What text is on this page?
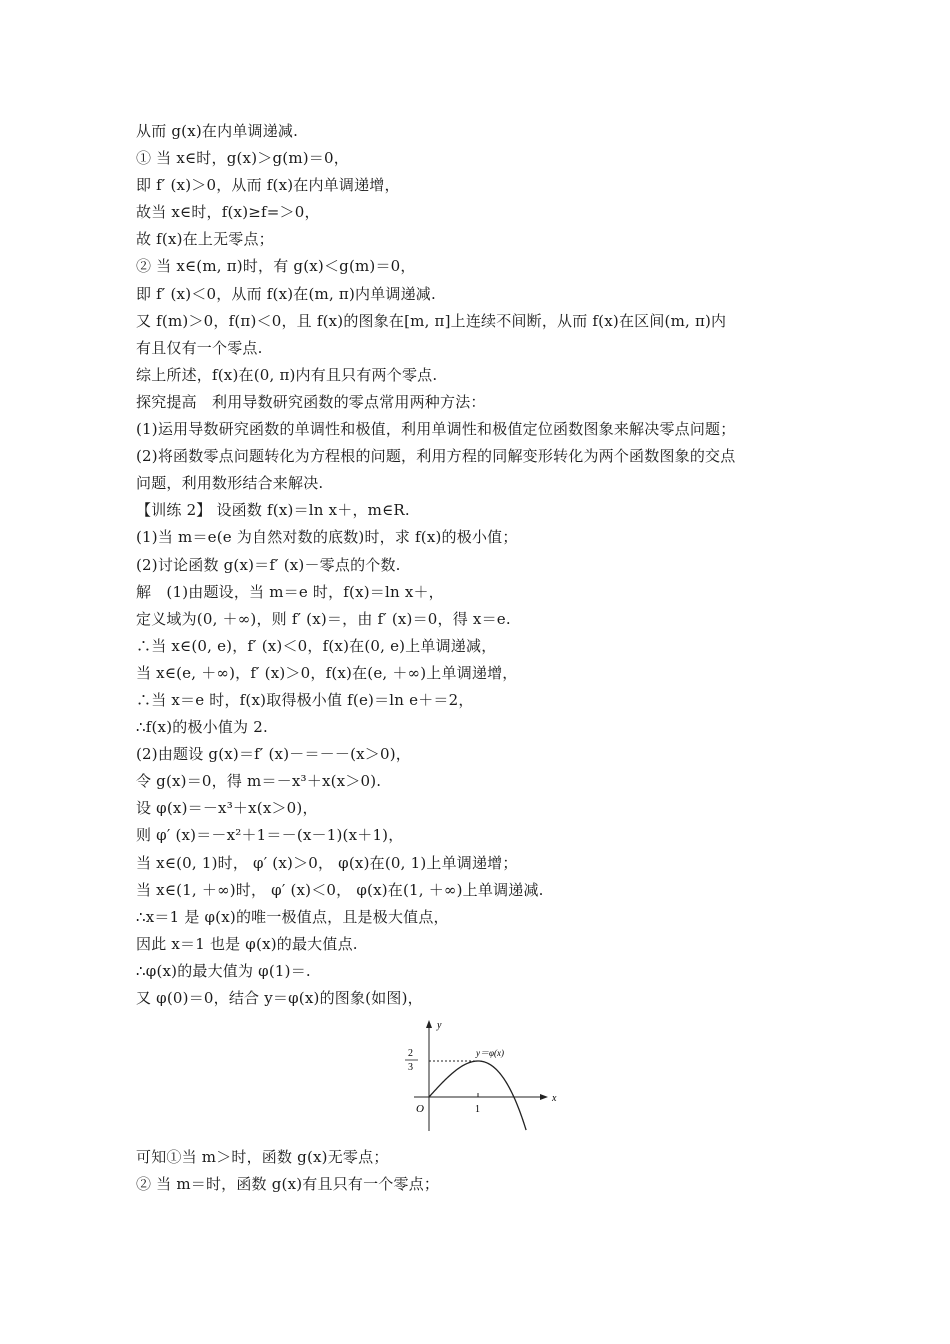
从而 g(x)在内单调递减.
① 当 x∈时，g(x)＞g(m)＝0，
即 f′ (x)＞0，从而 f(x)在内单调递增，
故当 x∈时，f(x)≥f=＞0，
故 f(x)在上无零点；
② 当 x∈(m, π)时，有 g(x)＜g(m)＝0，
即 f′ (x)＜0，从而 f(x)在(m, π)内单调递减.
又 f(m)＞0，f(π)＜0，且 f(x)的图象在[m, π]上连续不间断，从而 f(x)在区间(m, π)内
有且仅有一个零点.
综上所述，f(x)在(0, π)内有且只有两个零点.
探究提高　利用导数研究函数的零点常用两种方法：
(1)运用导数研究函数的单调性和极值，利用单调性和极值定位函数图象来解决零点问题；
(2)将函数零点问题转化为方程根的问题，利用方程的同解变形转化为两个函数图象的交点
问题，利用数形结合来解决.
【训练 2】 设函数 f(x)＝ln x＋，m∈R.
(1)当 m＝e(e 为自然对数的底数)时，求 f(x)的极小值；
(2)讨论函数 g(x)＝f′ (x)－零点的个数.
解　(1)由题设，当 m＝e 时，f(x)＝ln x＋，
定义域为(0, ＋∞)，则 f′ (x)＝，由 f′ (x)＝0，得 x＝e.
∴当 x∈(0, e)，f′ (x)＜0，f(x)在(0, e)上单调递减，
当 x∈(e, ＋∞)，f′ (x)＞0，f(x)在(e, ＋∞)上单调递增，
∴当 x＝e 时，f(x)取得极小值 f(e)＝ln e＋＝2，
∴f(x)的极小值为 2.
(2)由题设 g(x)＝f′ (x)－＝－－(x＞0)，
令 g(x)＝0，得 m＝－x³＋x(x＞0).
设 φ(x)＝－x³＋x(x＞0)，
则 φ′ (x)＝－x²＋1＝－(x－1)(x＋1)，
当 x∈(0, 1)时， φ′ (x)＞0， φ(x)在(0, 1)上单调递增；
当 x∈(1, ＋∞)时， φ′ (x)＜0， φ(x)在(1, ＋∞)上单调递减.
∴x＝1 是 φ(x)的唯一极值点，且是极大值点，
因此 x＝1 也是 φ(x)的最大值点.
∴φ(x)的最大值为 φ(1)＝.
又 φ(0)＝0，结合 y＝φ(x)的图象(如图)，
y
x
O	1
2
3
y＝φ(x)
可知①当 m＞时，函数 g(x)无零点；
② 当 m＝时，函数 g(x)有且只有一个零点；
